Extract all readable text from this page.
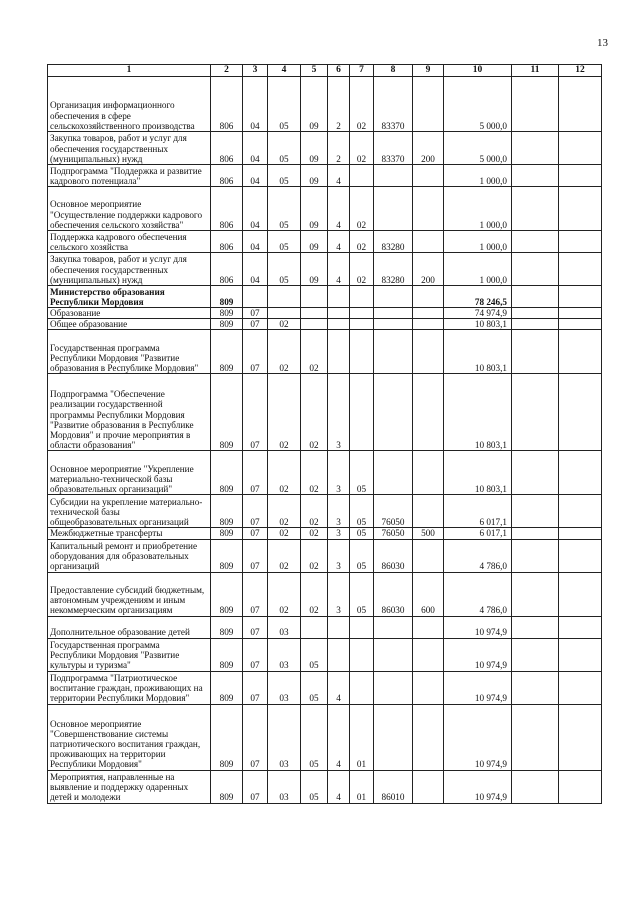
13
1	2	3	4	5	6	7	8	9	10	11	12
Организация информационного обеспечения в сфере сельскохозяйственного производства	806	04	05	09	2	02	83370		5 000,0		
Закупка товаров, работ и услуг для обеспечения государственных (муниципальных) нужд	806	04	05	09	2	02	83370	200	5 000,0		
Подпрограмма "Поддержка и развитие кадрового потенциала"	806	04	05	09	4				1 000,0		
Основное мероприятие "Осуществление поддержки кадрового обеспечения сельского хозяйства"	806	04	05	09	4	02			1 000,0		
Поддержка кадрового обеспечения сельского хозяйства	806	04	05	09	4	02	83280		1 000,0		
Закупка товаров, работ и услуг для обеспечения государственных (муниципальных) нужд	806	04	05	09	4	02	83280	200	1 000,0		
Министерство образования Республики Мордовия	809								78 246,5		
Образование	809	07							74 974,9		
Общее образование	809	07	02						10 803,1		
Государственная программа Республики Мордовия "Развитие образования в Республике Мордовия"	809	07	02	02					10 803,1		
Подпрограмма "Обеспечение реализации государственной программы Республики Мордовия "Развитие образования в Республике Мордовия" и прочие мероприятия в области образования"	809	07	02	02	3				10 803,1		
Основное мероприятие "Укрепление материально-технической базы образовательных организаций"	809	07	02	02	3	05			10 803,1		
Субсидии на укрепление материально-технической базы общеобразовательных организаций	809	07	02	02	3	05	76050		6 017,1		
Межбюджетные трансферты	809	07	02	02	3	05	76050	500	6 017,1		
Капитальный ремонт и приобретение оборудования для образовательных организаций	809	07	02	02	3	05	86030		4 786,0		
Предоставление субсидий бюджетным, автономным учреждениям и иным некоммерческим организациям	809	07	02	02	3	05	86030	600	4 786,0		
Дополнительное образование детей	809	07	03						10 974,9		
Государственная программа Республики Мордовия "Развитие культуры и туризма"	809	07	03	05					10 974,9		
Подпрограмма "Патриотическое воспитание граждан, проживающих на территории Республики Мордовия"	809	07	03	05	4				10 974,9		
Основное мероприятие "Совершенствование системы патриотического воспитания граждан, проживающих на территории Республики Мордовия"	809	07	03	05	4	01			10 974,9		
Мероприятия, направленные на выявление и поддержку одаренных детей и молодежи	809	07	03	05	4	01	86010		10 974,9		
